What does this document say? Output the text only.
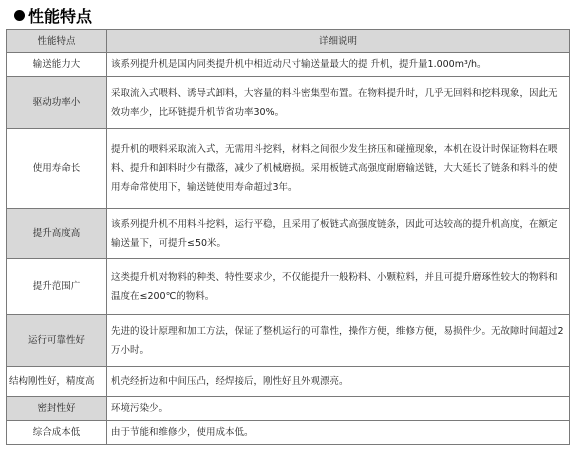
性能特点
性能特点	详细说明
输送能力大	该系列提升机是国内同类提升机中相近动尺寸输送量最大的提 升机，提升量1.000m³/h。

驱动功率小	采取流入式喂料、诱导式卸料，大容量的料斗密集型布置。在物料提升时，几乎无回料和挖料现象，因此无效功率少，比环链提升机节省功率30%。

使用寿命长	提升机的喂料采取流入式，无需用斗挖料，材料之间很少发生挤压和碰撞现象，本机在设计时保证物料在喂料、提升和卸料时少有撒落，减少了机械磨损。采用板链式高强度耐磨输送链，大大延长了链条和料斗的使用寿命常使用下，输送链使用寿命超过3年。

提升高度高	该系列提升机不用料斗挖料，运行平稳，且采用了板链式高强度链条，因此可达较高的提升机高度，在额定输送量下，可提升≤50米。

提升范围广	这类提升机对物料的种类、特性要求少，不仅能提升一般粉料、小颗粒料，并且可提升磨琢性较大的物料和温度在≤200℃的物料。

运行可靠性好	先进的设计原理和加工方法，保证了整机运行的可靠性，操作方便，维修方便，易损件少。无故障时间超过2万小时。

结构刚性好，精度高	机壳经折边和中间压凸，经焊接后，刚性好且外观漂亮。

密封性好	环境污染少。

综合成本低	由于节能和维修少，使用成本低。
